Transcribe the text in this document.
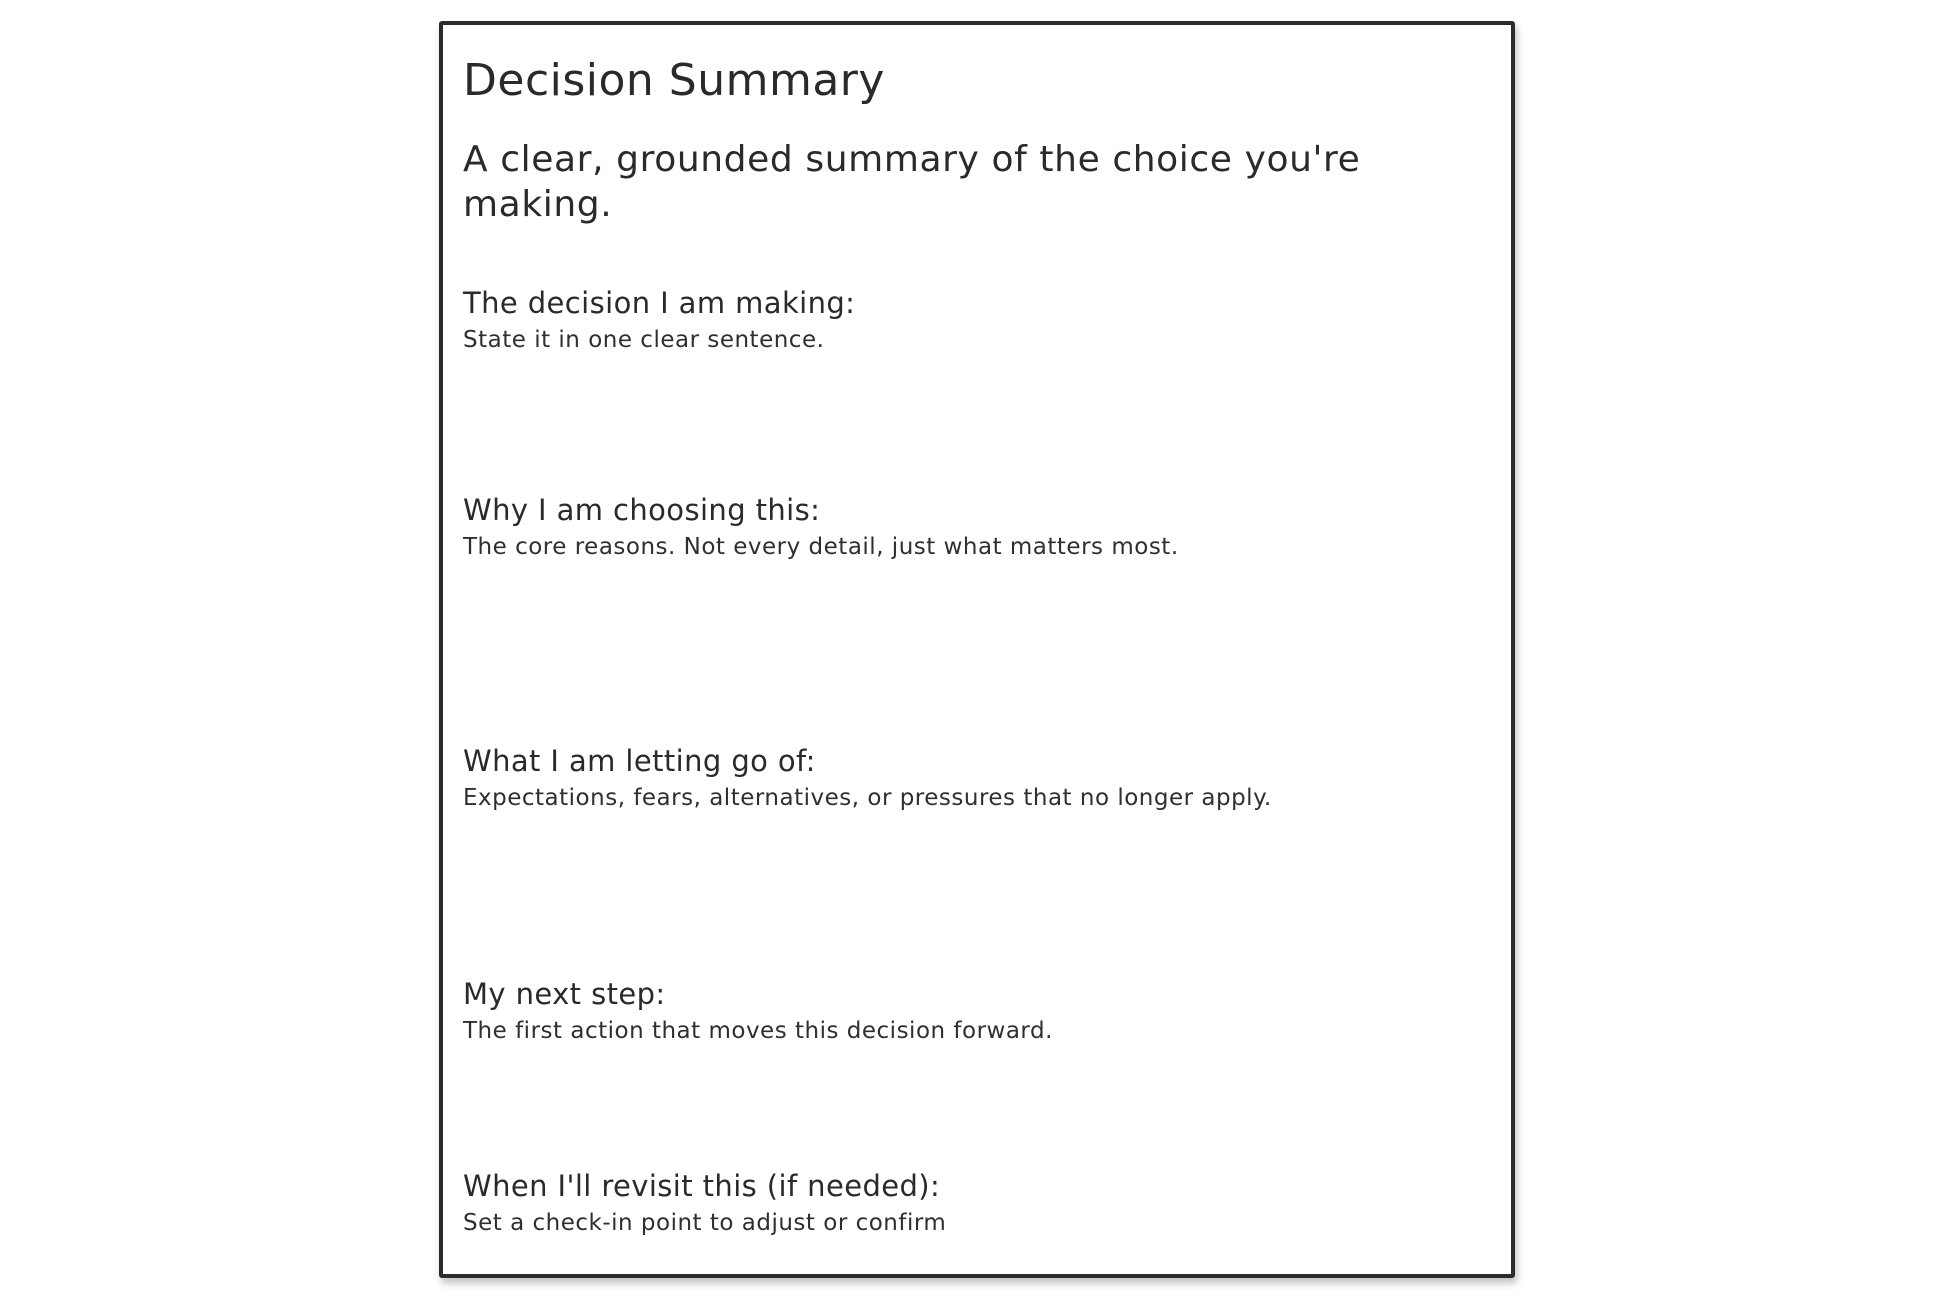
Decision Summary
A clear, grounded summary of the choice you're making.
The decision I am making:

State it in one clear sentence.

Why I am choosing this:

The core reasons. Not every detail, just what matters most.

What I am letting go of:

Expectations, fears, alternatives, or pressures that no longer apply.

My next step:

The first action that moves this decision forward.

When I'll revisit this (if needed):

Set a check-in point to adjust or confirm
